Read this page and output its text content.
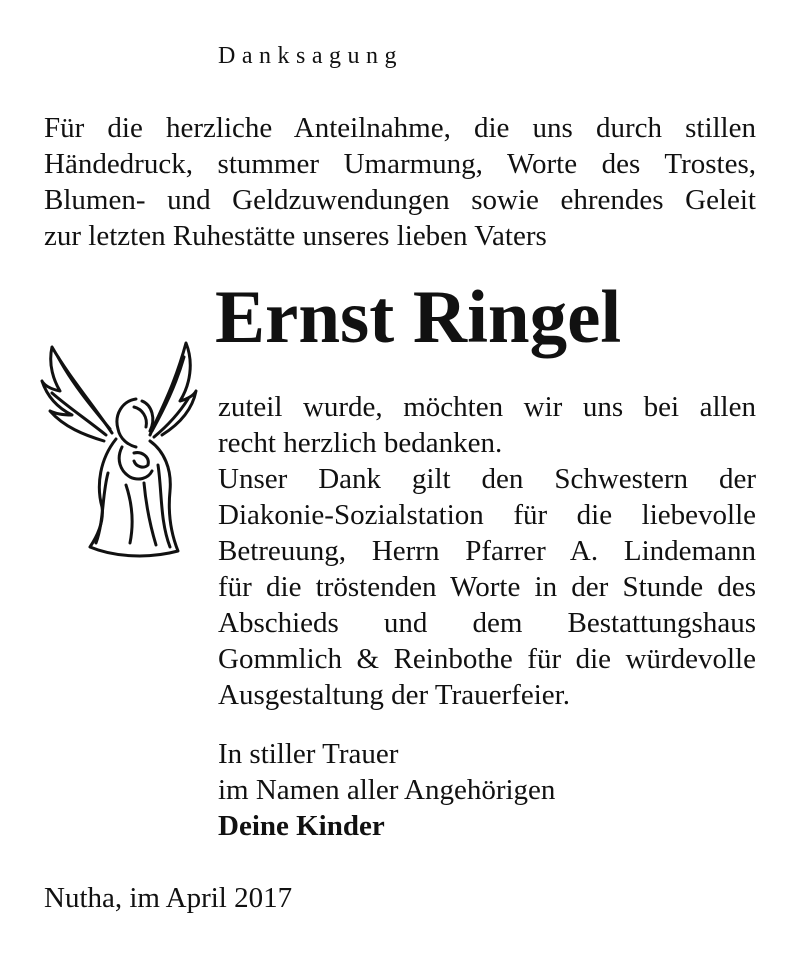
Danksagung
Für die herzliche Anteilnahme, die uns durch stillen
Händedruck, stummer Umarmung, Worte des Trostes,
Blumen- und Geldzuwendungen sowie ehrendes Geleit
zur letzten Ruhestätte unseres lieben Vaters
Ernst Ringel
zuteil wurde, möchten wir uns bei allen
recht herzlich bedanken.
Unser Dank gilt den Schwestern der
Diakonie-Sozialstation für die liebevolle
Betreuung, Herrn Pfarrer A. Lindemann
für die tröstenden Worte in der Stunde des
Abschieds und dem Bestattungshaus
Gommlich & Reinbothe für die würdevolle
Ausgestaltung der Trauerfeier.
In stiller Trauer
im Namen aller Angehörigen
Deine Kinder
Nutha, im April 2017
